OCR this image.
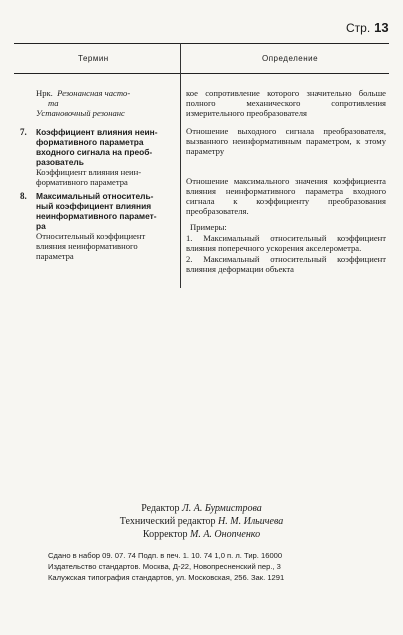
Стр. 13
Термин	Определение
Нрк. Резонансная часто-
та
Установочный резонанс
7. Коэффициент влияния неин-
формативного параметра
входного сигнала на преоб-
разователь
Коэффициент влияния неин-
формативного параметра
8. Максимальный относитель-
ный коэффициент влияния
неинформативного парамет-
ра
Относительный коэффициент
влияния неинформативного
параметра

кое сопротивление которого значительно больше полного механического сопротивления измерительного преобразователя

Отношение выходного сигнала преобразователя, вызванного неинформативным параметром, к этому параметру

Отношение максимального значения коэффициента влияния неинформативного параметра входного сигнала к коэффициенту преобразования преобразователя.

Примеры:

1. Максимальный относительный коэффициент влияния поперечного ускорения акселерометра.

2. Максимальный относительный коэффициент влияния деформации объекта

Редактор Л. А. Бурмистрова
Технический редактор Н. М. Ильичева
Корректор М. А. Онопченко
Сдано в набор 09. 07. 74 Подп. в печ. 1. 10. 74 1,0 п. л. Тир. 16000
Издательство стандартов. Москва, Д-22, Новопресненский пер., 3
Калужская типография стандартов, ул. Московская, 256. Зак. 1291
